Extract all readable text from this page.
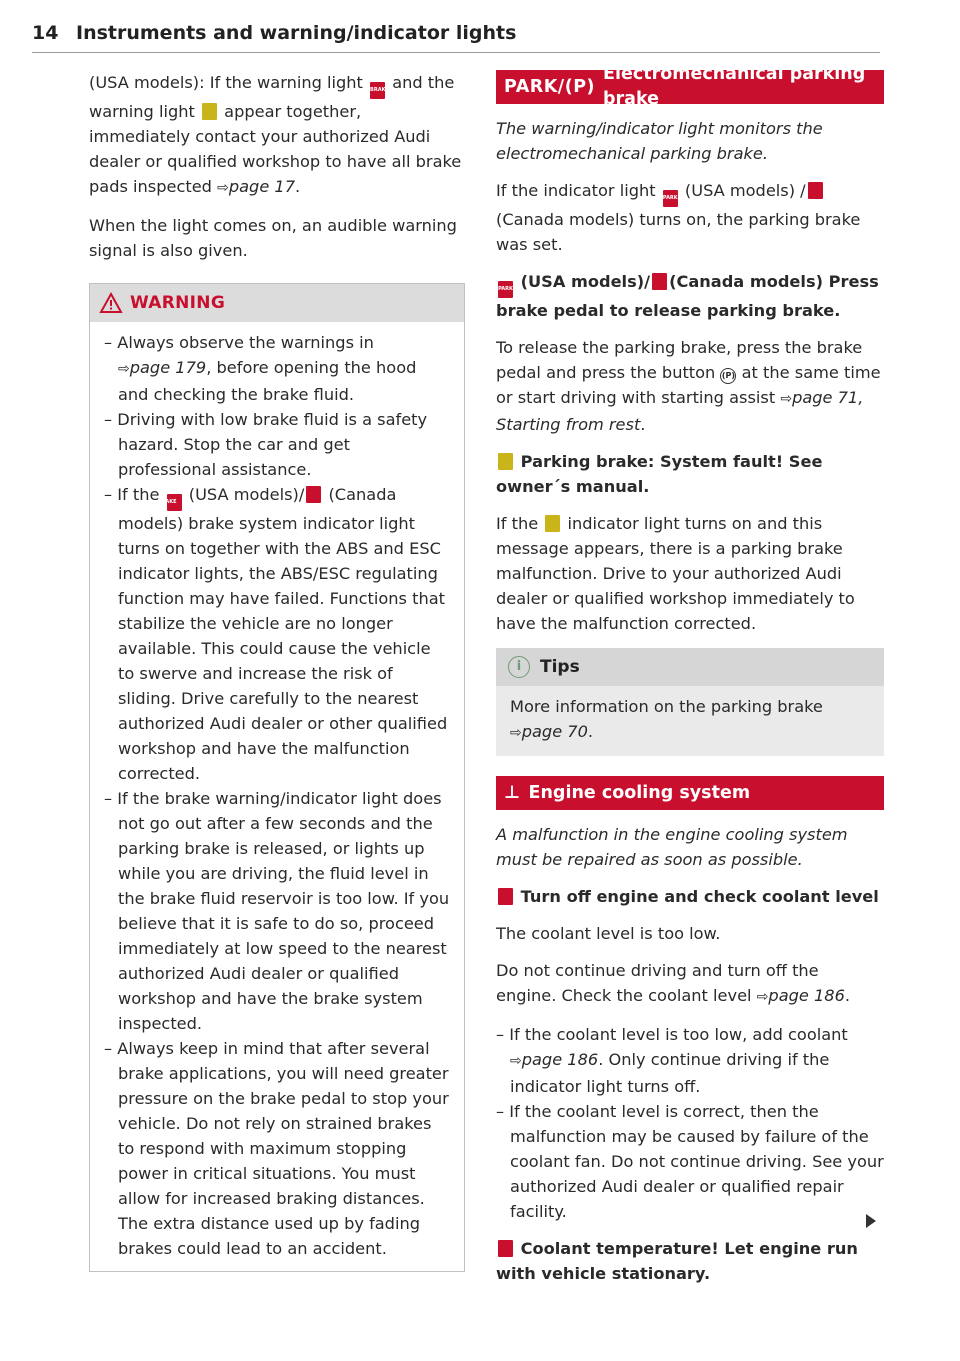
14 Instruments and warning/indicator lights

(USA models): If the warning light BRAKE and the warning light appear together, immediately contact your authorized Audi dealer or qualified workshop to have all brake pads inspected ⇨page 17.

When the light comes on, an audible warning signal is also given.

WARNING
– Always observe the warnings in
⇨page 179, before opening the hood and checking the brake fluid.
– Driving with low brake fluid is a safety hazard. Stop the car and get professional assistance.
– If the BRAKE (USA models)/ (Canada models) brake system indicator light turns on together with the ABS and ESC indicator lights, the ABS/ESC regulating function may have failed. Functions that stabilize the vehicle are no longer available. This could cause the vehicle to swerve and increase the risk of sliding. Drive carefully to the nearest authorized Audi dealer or other qualified workshop and have the malfunction corrected.
– If the brake warning/indicator light does not go out after a few seconds and the parking brake is released, or lights up while you are driving, the fluid level in the brake fluid reservoir is too low. If you believe that it is safe to do so, proceed immediately at low speed to the nearest authorized Audi dealer or qualified workshop and have the brake system inspected.
– Always keep in mind that after several brake applications, you will need greater pressure on the brake pedal to stop your vehicle. Do not rely on strained brakes to respond with maximum stopping power in critical situations. You must allow for increased braking distances. The extra distance used up by fading brakes could lead to an accident.
PARK/(P)
Electromechanical parking brake

The warning/indicator light monitors the electromechanical parking brake.

If the indicator light PARK (USA models) / (Canada models) turns on, the parking brake was set.

PARK (USA models)/ (Canada models) Press brake pedal to release parking brake.

To release the parking brake, press the brake pedal and press the button (P) at the same time or start driving with starting assist ⇨page 71, Starting from rest.

Parking brake: System fault! See owner´s manual.

If the indicator light turns on and this message appears, there is a parking brake malfunction. Drive to your authorized Audi dealer or qualified workshop immediately to have the malfunction corrected.

i	Tips
More information on the parking brake
⇨page 70.
⊥ Engine cooling system

A malfunction in the engine cooling system must be repaired as soon as possible.

Turn off engine and check coolant level

The coolant level is too low.

Do not continue driving and turn off the engine. Check the coolant level ⇨page 186.

– If the coolant level is too low, add coolant ⇨page 186. Only continue driving if the indicator light turns off.
– If the coolant level is correct, then the malfunction may be caused by failure of the coolant fan. Do not continue driving. See your authorized Audi dealer or qualified repair facility.

Coolant temperature! Let engine run with vehicle stationary.
